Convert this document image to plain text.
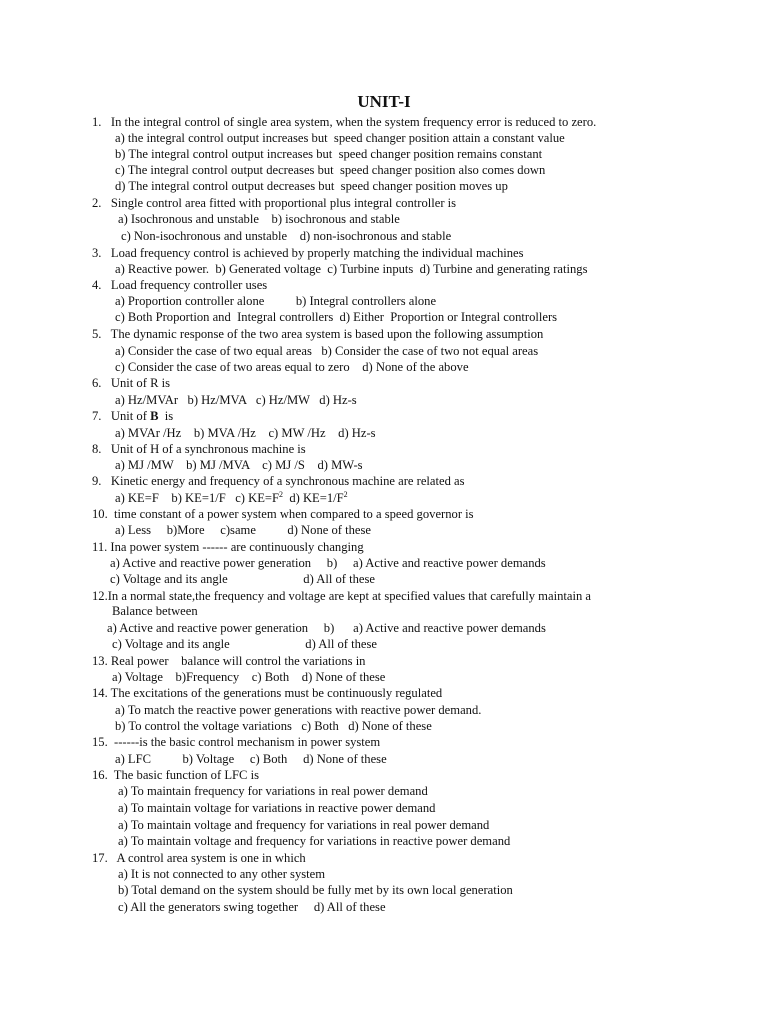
UNIT-I
1.   In the integral control of single area system, when the system frequency error is reduced to zero.
a) the integral control output increases but  speed changer position attain a constant value
b) The integral control output increases but  speed changer position remains constant
c) The integral control output decreases but  speed changer position also comes down
d) The integral control output decreases but  speed changer position moves up
2.   Single control area fitted with proportional plus integral controller is
a) Isochronous and unstable    b) isochronous and stable
c) Non-isochronous and unstable    d) non-isochronous and stable
3.   Load frequency control is achieved by properly matching the individual machines
a) Reactive power.  b) Generated voltage  c) Turbine inputs  d) Turbine and generating ratings
4.   Load frequency controller uses
a) Proportion controller alone          b) Integral controllers alone
c) Both Proportion and  Integral controllers  d) Either  Proportion or Integral controllers
5.   The dynamic response of the two area system is based upon the following assumption
a) Consider the case of two equal areas   b) Consider the case of two not equal areas
c) Consider the case of two areas equal to zero    d) None of the above
6.   Unit of R is
a) Hz/MVAr   b) Hz/MVA   c) Hz/MW   d) Hz-s
7.   Unit of B  is
a) MVAr /Hz    b) MVA /Hz    c) MW /Hz    d) Hz-s
8.   Unit of H of a synchronous machine is
a) MJ /MW    b) MJ /MVA    c) MJ /S    d) MW-s
9.   Kinetic energy and frequency of a synchronous machine are related as
a) KE=F    b) KE=1/F   c) $KE=F^2$  d) $KE=1/F^2$
10.  time constant of a power system when compared to a speed governor is
a) Less     b)More     c)same          d) None of these
11. Ina power system ------ are continuously changing
a) Active and reactive power generation     b)     a) Active and reactive power demands
c) Voltage and its angle                        d) All of these
12.In a normal state,the frequency and voltage are kept at specified values that carefully maintain a
Balance between
a) Active and reactive power generation     b)      a) Active and reactive power demands
c) Voltage and its angle                        d) All of these
13. Real power    balance will control the variations in
a) Voltage    b)Frequency    c) Both    d) None of these
14. The excitations of the generations must be continuously regulated
a) To match the reactive power generations with reactive power demand.
b) To control the voltage variations   c) Both   d) None of these
15.  ------is the basic control mechanism in power system
a) LFC          b) Voltage     c) Both     d) None of these
16.  The basic function of LFC is
a) To maintain frequency for variations in real power demand
a) To maintain voltage for variations in reactive power demand
a) To maintain voltage and frequency for variations in real power demand
a) To maintain voltage and frequency for variations in reactive power demand
17.   A control area system is one in which
a) It is not connected to any other system
b) Total demand on the system should be fully met by its own local generation
c) All the generators swing together     d) All of these
